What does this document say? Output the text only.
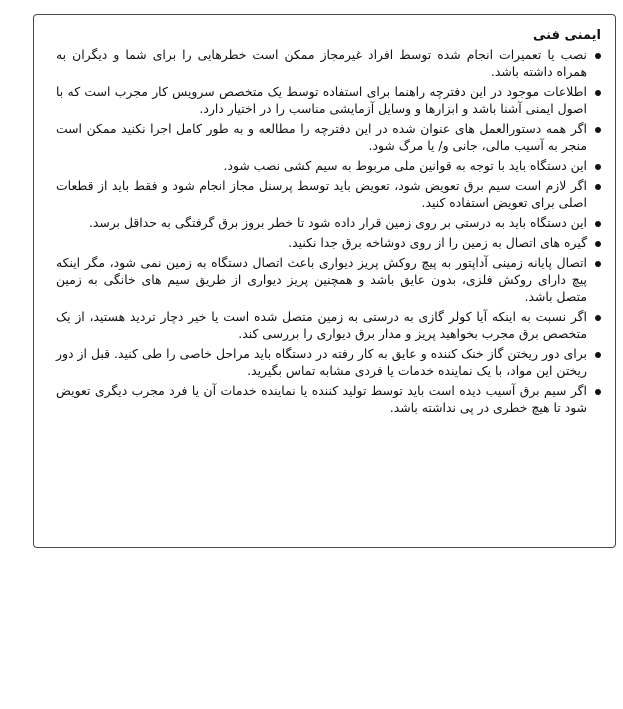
ایمنی فنی
نصب یا تعمیرات انجام شده توسط افراد غیرمجاز ممکن است خطرهایی را برای شما و دیگران به همراه داشته باشد.
اطلاعات موجود در این دفترچه راهنما برای استفاده توسط یک متخصص سرویس کار مجرب است که با اصول ایمنی آشنا باشد و ابزارها و وسایل آزمایشی مناسب را در اختیار دارد.
اگر همه دستورالعمل های عنوان شده در این دفترچه را مطالعه و به طور کامل اجرا نکنید ممکن است منجر به آسیب مالی، جانی و/ یا مرگ شود.
این دستگاه باید با توجه به قوانین ملی مربوط به سیم کشی نصب شود.
اگر لازم است سیم برق تعویض شود، تعویض باید توسط پرسنل مجاز انجام شود و فقط باید از قطعات اصلی برای تعویض استفاده کنید.
این دستگاه باید به درستی بر روی زمین قرار داده شود تا خطر بروز برق گرفتگی به حداقل برسد.
گیره های اتصال به زمین را از روی دوشاخه برق جدا نکنید.
اتصال پایانه زمینی آداپتور به پیچ روکش پریز دیواری باعث اتصال دستگاه به زمین نمی شود، مگر اینکه پیچ دارای روکش فلزی، بدون عایق باشد و همچنین پریز دیواری از طریق سیم های خانگی به زمین متصل باشد.
اگر نسبت به اینکه آیا کولر گازی به درستی به زمین متصل شده است یا خیر دچار تردید هستید، از یک متخصص برق مجرب بخواهید پریز و مدار برق دیواری را بررسی کند.
برای دور ریختن گاز خنک کننده و عایق به کار رفته در دستگاه باید مراحل خاصی را طی کنید. قبل از دور ریختن این مواد، با یک نماینده خدمات یا فردی مشابه تماس بگیرید.
اگر سیم برق آسیب دیده است باید توسط تولید کننده یا نماینده خدمات آن یا فرد مجرب دیگری تعویض شود تا هیچ خطری در پی نداشته باشد.
